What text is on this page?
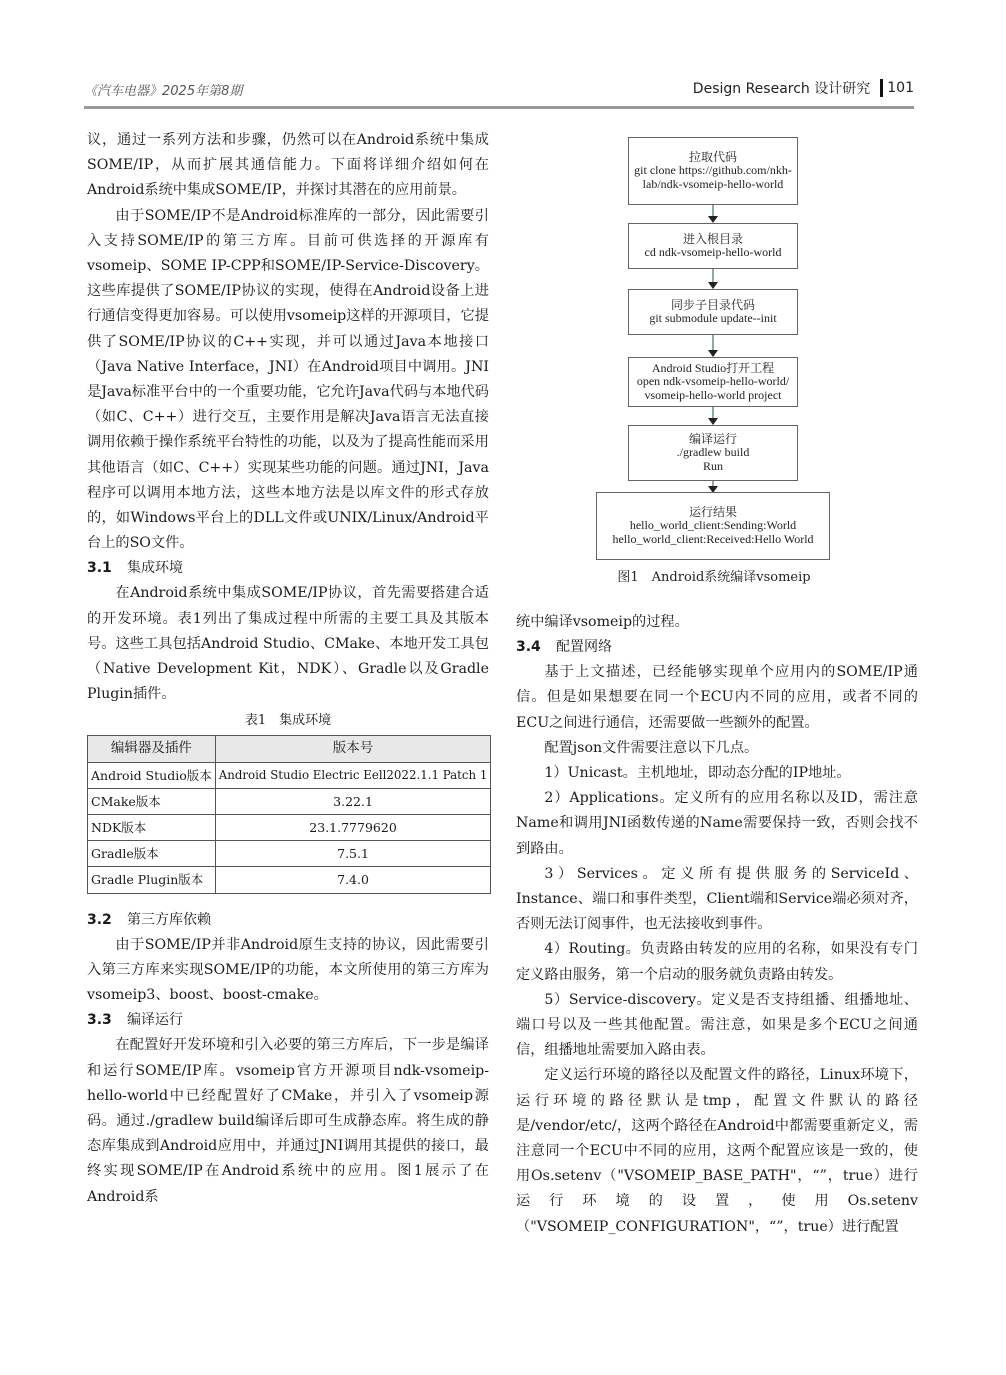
《汽车电器》2025年第8期	Design Research 设计研究 101

议，通过一系列方法和步骤，仍然可以在Android系统中集成SOME/IP，从而扩展其通信能力。下面将详细介绍如何在Android系统中集成SOME/IP，并探讨其潜在的应用前景。

由于SOME/IP不是Android标准库的一部分，因此需要引入支持SOME/IP的第三方库。目前可供选择的开源库有vsomeip、SOME IP-CPP和SOME/IP-Service-Discovery。这些库提供了SOME/IP协议的实现，使得在Android设备上进行通信变得更加容易。可以使用vsomeip这样的开源项目，它提供了SOME/IP协议的C++实现，并可以通过Java本地接口（Java Native Interface，JNI）在Android项目中调用。JNI是Java标准平台中的一个重要功能，它允许Java代码与本地代码（如C、C++）进行交互，主要作用是解决Java语言无法直接调用依赖于操作系统平台特性的功能，以及为了提高性能而采用其他语言（如C、C++）实现某些功能的问题。通过JNI，Java程序可以调用本地方法，这些本地方法是以库文件的形式存放的，如Windows平台上的DLL文件或UNIX/Linux/Android平台上的SO文件。

3.1 集成环境

在Android系统中集成SOME/IP协议，首先需要搭建合适的开发环境。表1列出了集成过程中所需的主要工具及其版本号。这些工具包括Android Studio、CMake、本地开发工具包（Native Development Kit，NDK）、Gradle以及Gradle Plugin插件。

表1　集成环境
编辑器及插件	版本号
Android Studio版本	Android Studio Electric Eell2022.1.1 Patch 1
CMake版本	3.22.1
NDK版本	23.1.7779620
Gradle版本	7.5.1
Gradle Plugin版本	7.4.0
3.2 第三方库依赖

由于SOME/IP并非Android原生支持的协议，因此需要引入第三方库来实现SOME/IP的功能，本文所使用的第三方库为vsomeip3、boost、boost-cmake。

3.3 编译运行

在配置好开发环境和引入必要的第三方库后，下一步是编译和运行SOME/IP库。vsomeip官方开源项目ndk-vsomeip-hello-world中已经配置好了CMake，并引入了vsomeip源码。通过./gradlew build编译后即可生成静态库。将生成的静态库集成到Android应用中，并通过JNI调用其提供的接口，最终实现SOME/IP在Android系统中的应用。图1展示了在Android系

拉取代码
git clone https://github.com/nkh-
lab/ndk-vsomeip-hello-world
进入根目录
cd ndk-vsomeip-hello-world
同步子目录代码
git submodule update--init
Android Studio打开工程
open ndk-vsomeip-hello-world/
vsomeip-hello-world project
编译运行
./gradlew build
Run
运行结果
hello_world_client:Sending:World
hello_world_client:Received:Hello World
图1　Android系统编译vsomeip

统中编译vsomeip的过程。

3.4 配置网络

基于上文描述，已经能够实现单个应用内的SOME/IP通信。但是如果想要在同一个ECU内不同的应用，或者不同的ECU之间进行通信，还需要做一些额外的配置。

配置json文件需要注意以下几点。

1）Unicast。主机地址，即动态分配的IP地址。

2）Applications。定义所有的应用名称以及ID，需注意Name和调用JNI函数传递的Name需要保持一致，否则会找不到路由。

3）Services。定义所有提供服务的ServiceId、Instance、端口和事件类型，Client端和Service端必须对齐，否则无法订阅事件，也无法接收到事件。

4）Routing。负责路由转发的应用的名称，如果没有专门定义路由服务，第一个启动的服务就负责路由转发。

5）Service-discovery。定义是否支持组播、组播地址、端口号以及一些其他配置。需注意，如果是多个ECU之间通信，组播地址需要加入路由表。

定义运行环境的路径以及配置文件的路径，Linux环境下，运行环境的路径默认是tmp，配置文件默认的路径是/vendor/etc/，这两个路径在Android中都需要重新定义，需注意同一个ECU中不同的应用，这两个配置应该是一致的，使用Os.setenv（"VSOMEIP_BASE_PATH"，“”，true）进行运行环境的设置，使用Os.setenv（"VSOMEIP_CONFIGURATION"，“”，true）进行配置
